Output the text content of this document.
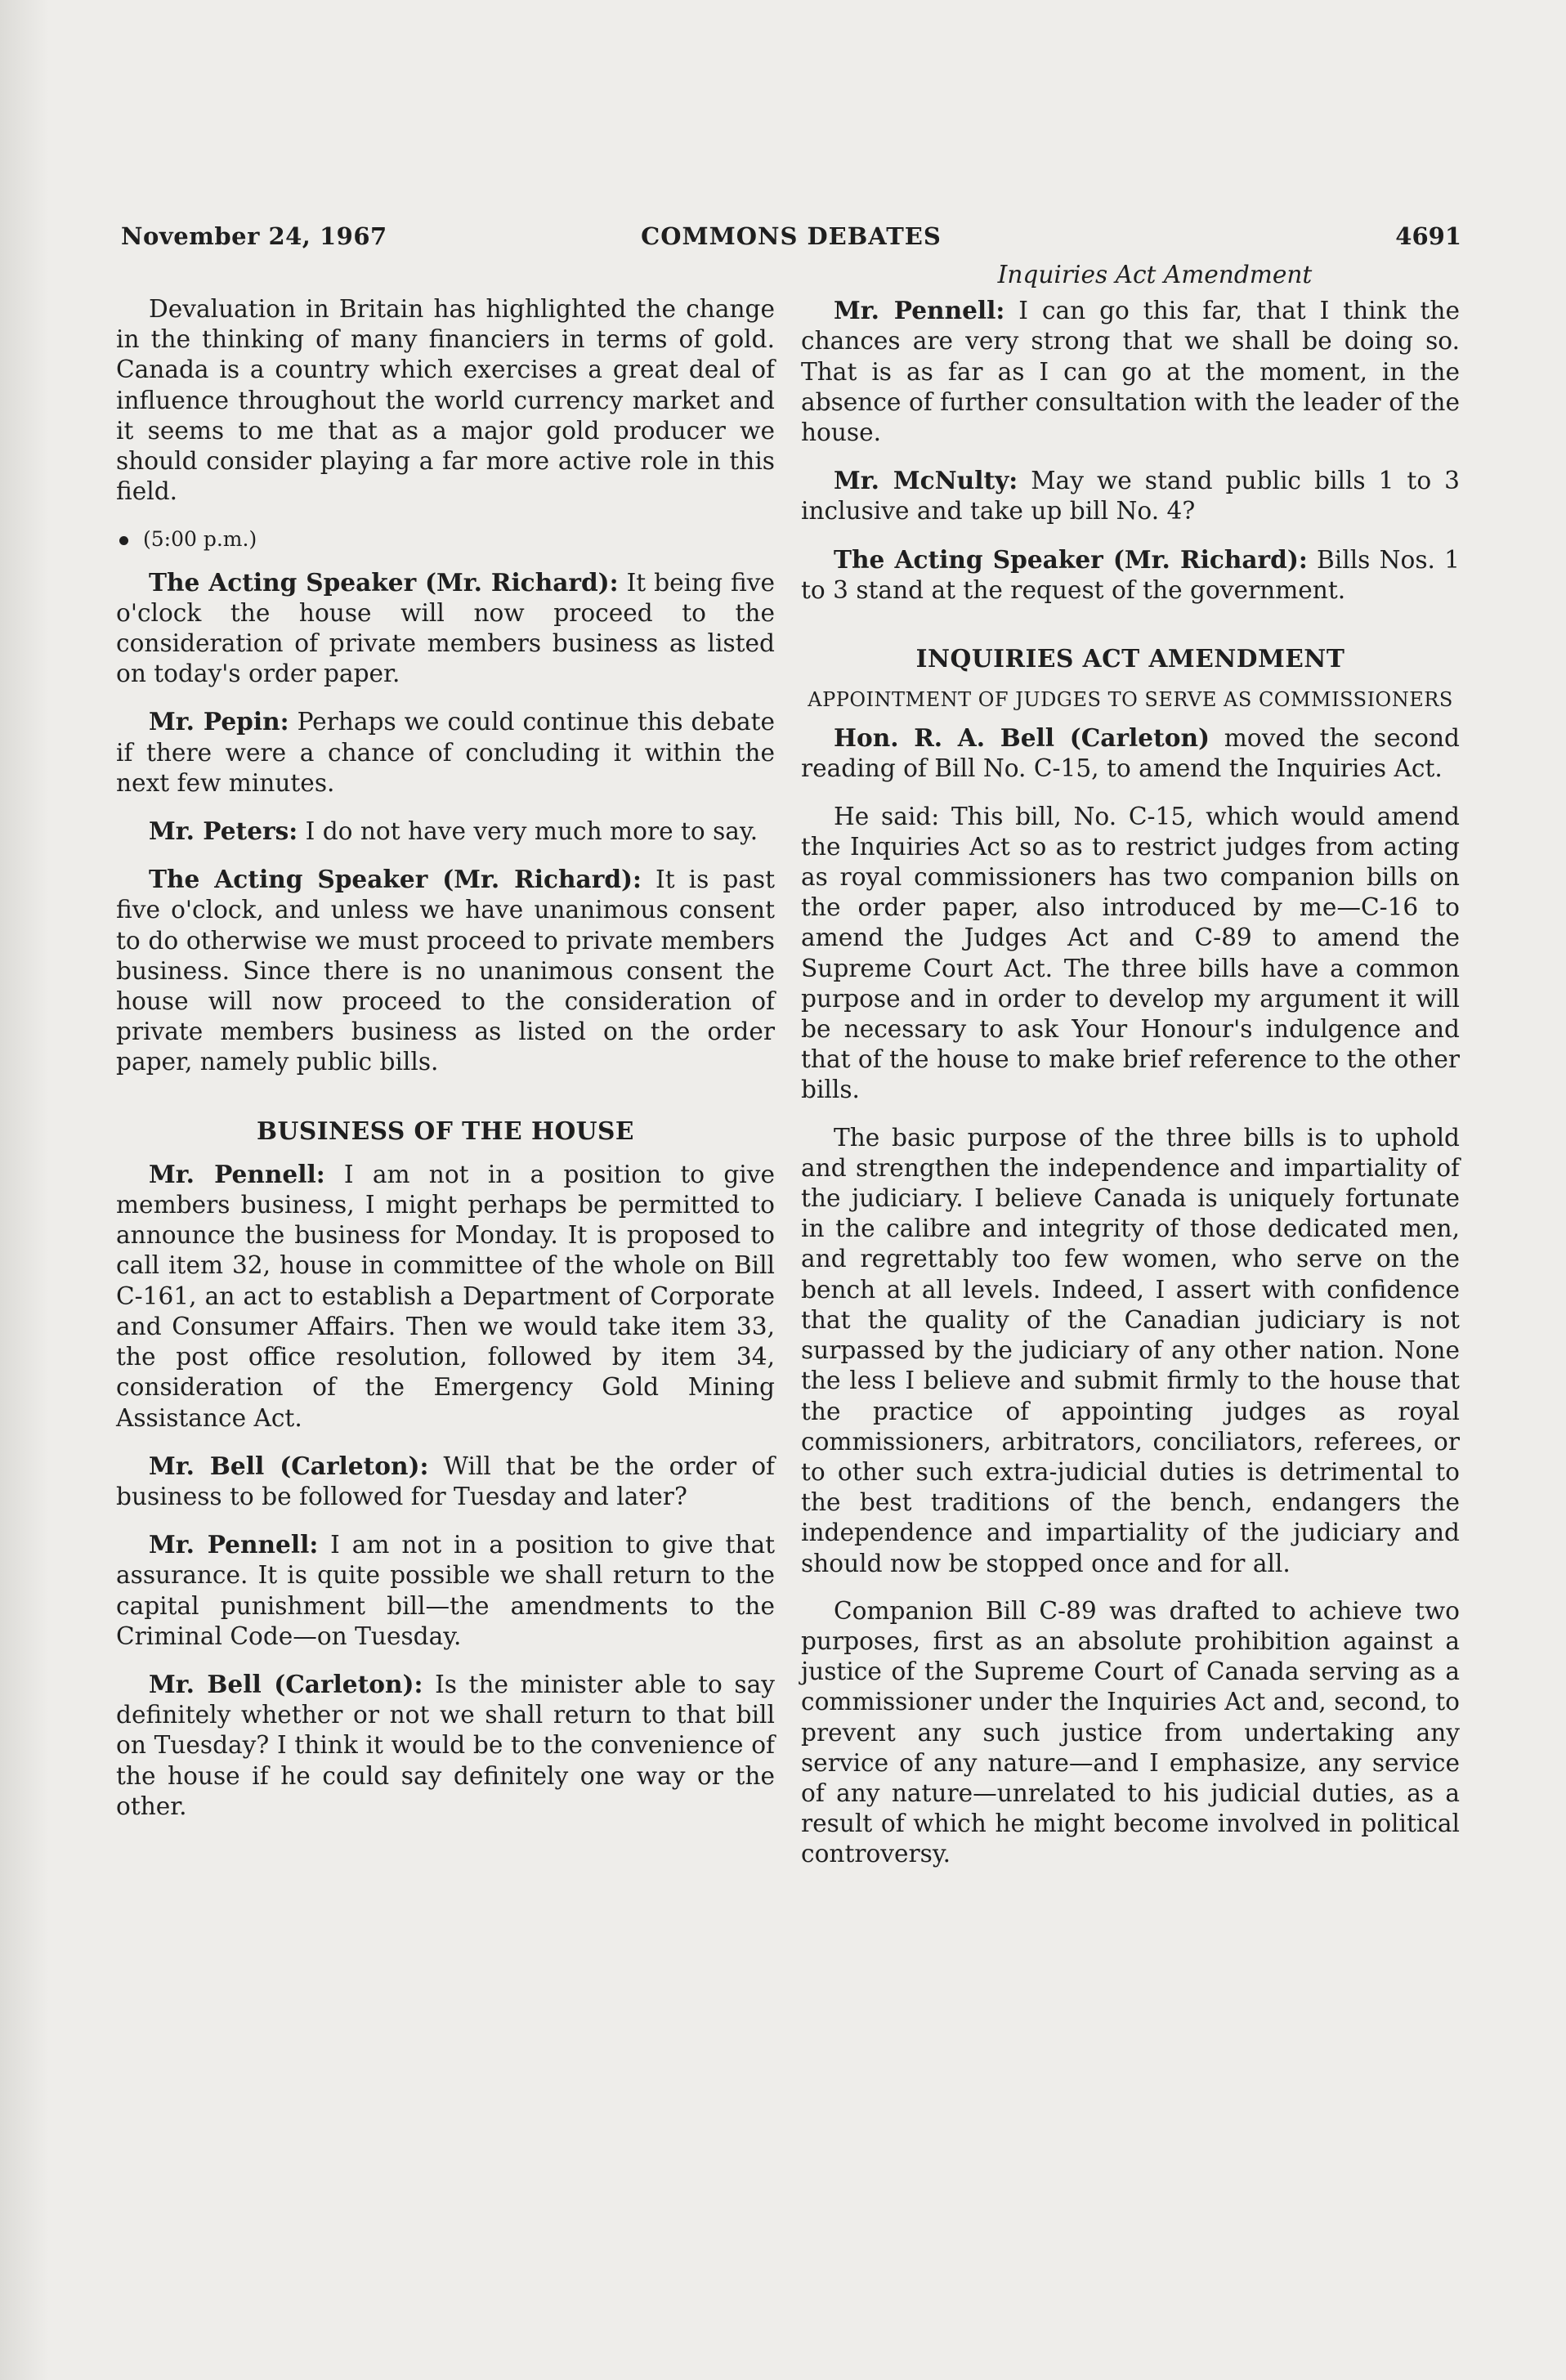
COMMONS DEBATES
November 24, 1967	4691

Devaluation in Britain has highlighted the change in the thinking of many financiers in terms of gold. Canada is a country which exercises a great deal of influence throughout the world currency market and it seems to me that as a major gold producer we should consider playing a far more active role in this field.

(5:00 p.m.)

The Acting Speaker (Mr. Richard): It being five o'clock the house will now proceed to the consideration of private members business as listed on today's order paper.

Mr. Pepin: Perhaps we could continue this debate if there were a chance of concluding it within the next few minutes.

Mr. Peters: I do not have very much more to say.

The Acting Speaker (Mr. Richard): It is past five o'clock, and unless we have unanimous consent to do otherwise we must proceed to private members business. Since there is no unanimous consent the house will now proceed to the consideration of private members business as listed on the order paper, namely public bills.

BUSINESS OF THE HOUSE

Mr. Pennell: I am not in a position to give members business, I might perhaps be permitted to announce the business for Monday. It is proposed to call item 32, house in committee of the whole on Bill C-161, an act to establish a Department of Corporate and Consumer Affairs. Then we would take item 33, the post office resolution, followed by item 34, consideration of the Emergency Gold Mining Assistance Act.

Mr. Bell (Carleton): Will that be the order of business to be followed for Tuesday and later?

Mr. Pennell: I am not in a position to give that assurance. It is quite possible we shall return to the capital punishment bill—the amendments to the Criminal Code—on Tuesday.

Mr. Bell (Carleton): Is the minister able to say definitely whether or not we shall return to that bill on Tuesday? I think it would be to the convenience of the house if he could say definitely one way or the other.

Inquiries Act Amendment

Mr. Pennell: I can go this far, that I think the chances are very strong that we shall be doing so. That is as far as I can go at the moment, in the absence of further consultation with the leader of the house.

Mr. McNulty: May we stand public bills 1 to 3 inclusive and take up bill No. 4?

The Acting Speaker (Mr. Richard): Bills Nos. 1 to 3 stand at the request of the government.

INQUIRIES ACT AMENDMENT

APPOINTMENT OF JUDGES TO SERVE AS COMMISSIONERS

Hon. R. A. Bell (Carleton) moved the second reading of Bill No. C-15, to amend the Inquiries Act.

He said: This bill, No. C-15, which would amend the Inquiries Act so as to restrict judges from acting as royal commissioners has two companion bills on the order paper, also introduced by me—C-16 to amend the Judges Act and C-89 to amend the Supreme Court Act. The three bills have a common purpose and in order to develop my argument it will be necessary to ask Your Honour's indulgence and that of the house to make brief reference to the other bills.

The basic purpose of the three bills is to uphold and strengthen the independence and impartiality of the judiciary. I believe Canada is uniquely fortunate in the calibre and integrity of those dedicated men, and regrettably too few women, who serve on the bench at all levels. Indeed, I assert with confidence that the quality of the Canadian judiciary is not surpassed by the judiciary of any other nation. None the less I believe and submit firmly to the house that the practice of appointing judges as royal commissioners, arbitrators, conciliators, referees, or to other such extra-judicial duties is detrimental to the best traditions of the bench, endangers the independence and impartiality of the judiciary and should now be stopped once and for all.

Companion Bill C-89 was drafted to achieve two purposes, first as an absolute prohibition against a justice of the Supreme Court of Canada serving as a commissioner under the Inquiries Act and, second, to prevent any such justice from undertaking any service of any nature—and I emphasize, any service of any nature—unrelated to his judicial duties, as a result of which he might become involved in political controversy.
